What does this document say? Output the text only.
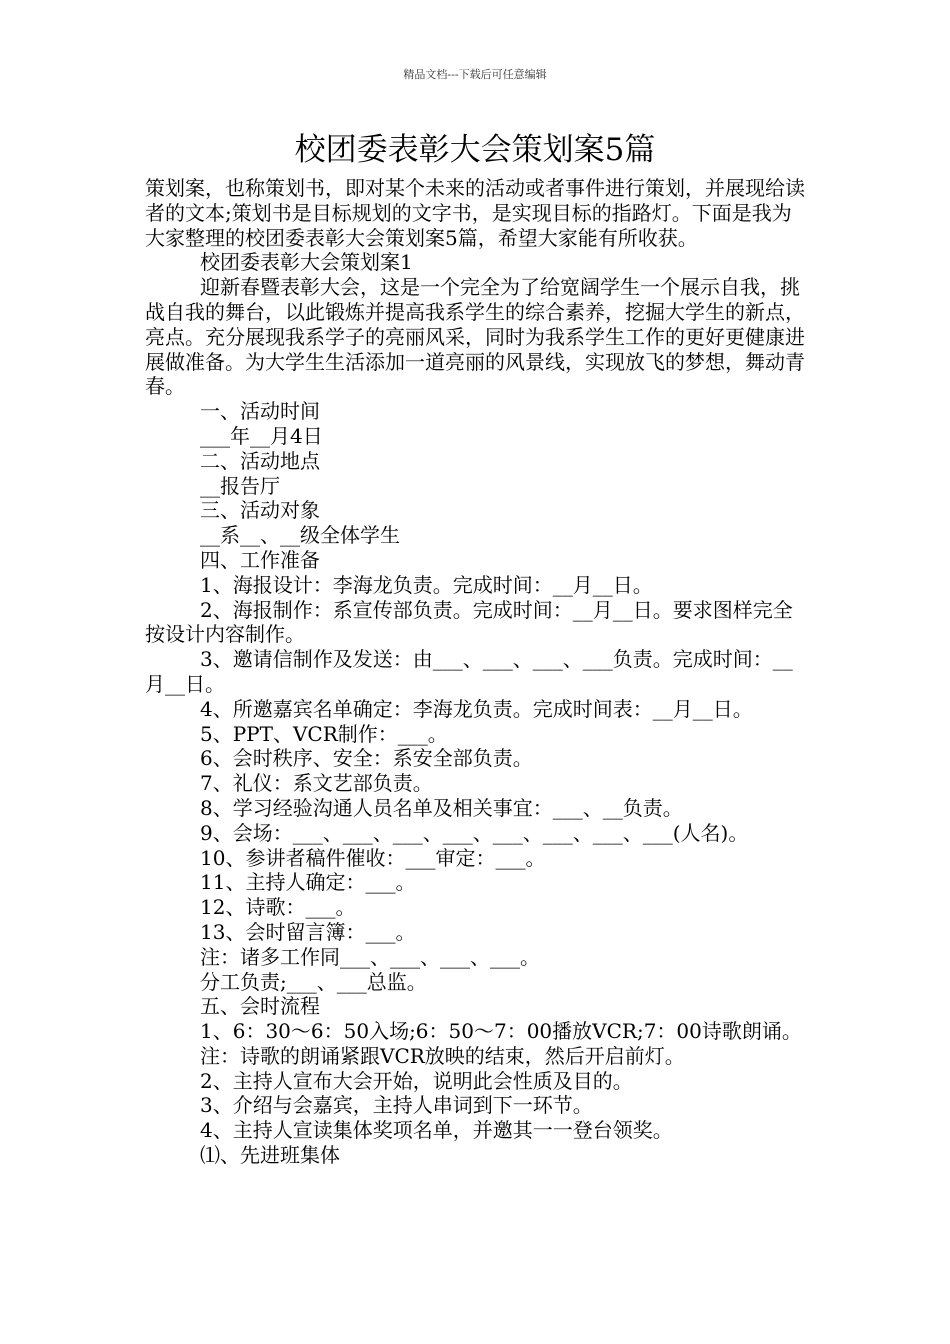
精品文档---下载后可任意编辑
校团委表彰大会策划案5篇

策划案，也称策划书，即对某个未来的活动或者事件进行策划，并展现给读者的文本;策划书是目标规划的文字书，是实现目标的指路灯。下面是我为大家整理的校团委表彰大会策划案5篇，希望大家能有所收获。

校团委表彰大会策划案1

迎新春暨表彰大会，这是一个完全为了给宽阔学生一个展示自我，挑战自我的舞台，以此锻炼并提高我系学生的综合素养，挖掘大学生的新点，亮点。充分展现我系学子的亮丽风采，同时为我系学生工作的更好更健康进展做准备。为大学生生活添加一道亮丽的风景线，实现放飞的梦想，舞动青春。

一、活动时间

___年__月4日

二、活动地点

__报告厅

三、活动对象

__系__、__级全体学生

四、工作准备

1、海报设计：李海龙负责。完成时间：__月__日。

2、海报制作：系宣传部负责。完成时间：__月__日。要求图样完全按设计内容制作。

3、邀请信制作及发送：由___、___、___、___负责。完成时间：__月__日。

4、所邀嘉宾名单确定：李海龙负责。完成时间表：__月__日。

5、PPT、VCR制作：___。

6、会时秩序、安全：系安全部负责。

7、礼仪：系文艺部负责。

8、学习经验沟通人员名单及相关事宜：___、__负责。

9、会场：___、___、___、___、___、___、___、___(人名)。

10、参讲者稿件催收：___审定：___。

11、主持人确定：___。

12、诗歌：___。

13、会时留言簿：___。

注：诸多工作同___、___、___、___。

分工负责;___、___总监。

五、会时流程

1、6：30～6：50入场;6：50～7：00播放VCR;7：00诗歌朗诵。

注：诗歌的朗诵紧跟VCR放映的结束，然后开启前灯。

2、主持人宣布大会开始，说明此会性质及目的。

3、介绍与会嘉宾，主持人串词到下一环节。

4、主持人宣读集体奖项名单，并邀其一一登台领奖。

⑴、先进班集体
